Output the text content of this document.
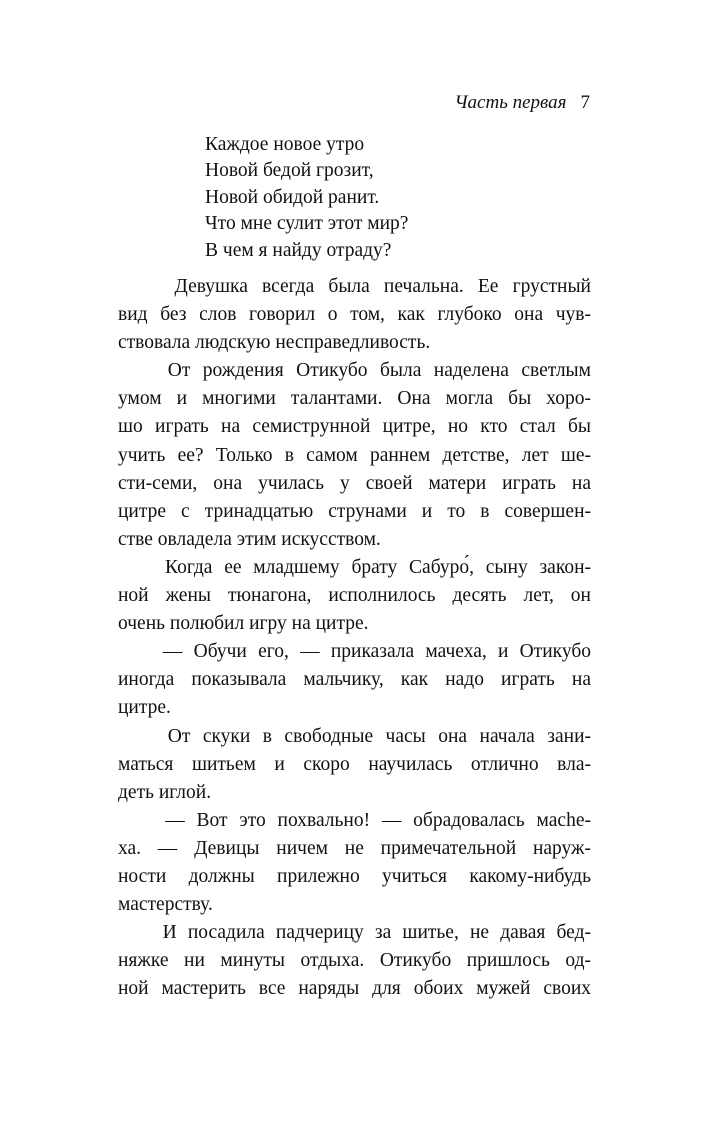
Часть первая 7
Каждое новое утро
Новой бедой грозит,
Новой обидой ранит.
Что мне сулит этот мир?
В чем я найду отраду?
Девушка всегда была печальна. Ее грустный
вид без слов говорил о том, как глубоко она чув-
ствовала людскую несправедливость.
От рождения Отикубо была наделена светлым
умом и многими талантами. Она могла бы хоро-
шо играть на семиструнной цитре, но кто стал бы
учить ее? Только в самом раннем детстве, лет ше-
сти-семи, она училась у своей матери играть на
цитре с тринадцатью струнами и то в совершен-
стве овладела этим искусством.
Когда ее младшему брату Сабуро́, сыну закон-
ной жены тюнагона, исполнилось десять лет, он
очень полюбил игру на цитре.
— Обучи его, — приказала мачеха, и Отикубо
иногда показывала мальчику, как надо играть на
цитре.
От скуки в свободные часы она начала зани-
маться шитьем и скоро научилась отлично вла-
деть иглой.
— Вот это похвально! — обрадовалась мache-
ха. — Девицы ничем не примечательной наруж-
ности должны прилежно учиться какому-нибудь
мастерству.
И посадила падчерицу за шитье, не давая бед-
няжке ни минуты отдыха. Отикубо пришлось од-
ной мастерить все наряды для обоих мужей своих
